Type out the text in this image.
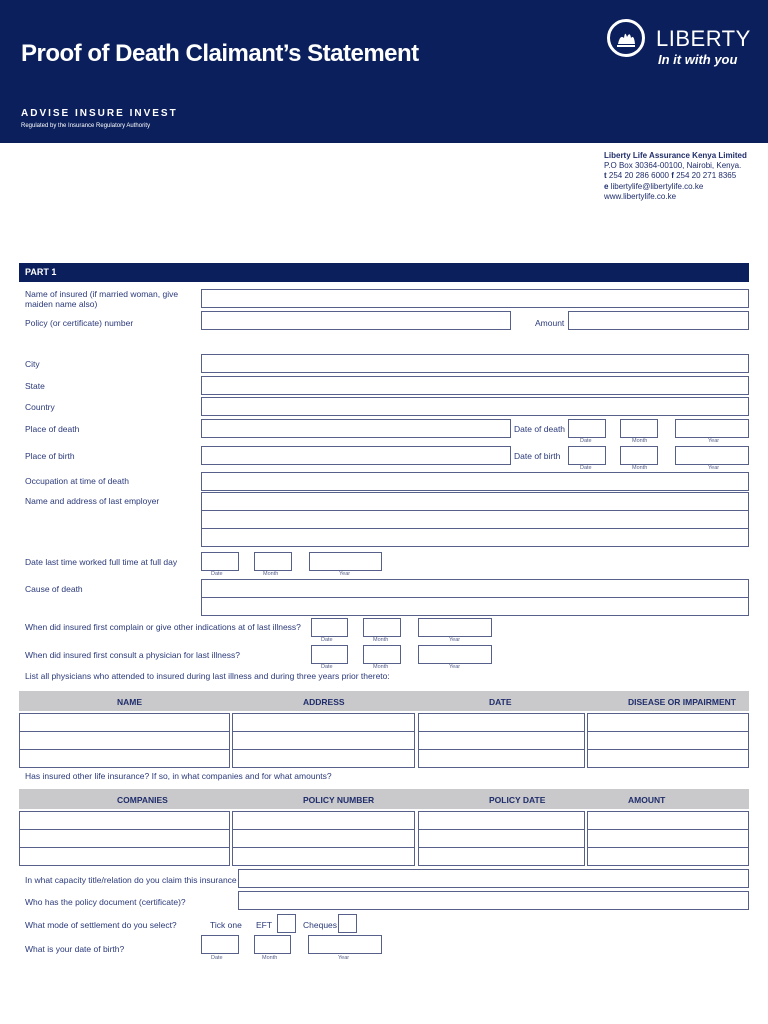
Proof of Death Claimant’s Statement
ADVISE INSURE INVEST
Regulated by the Insurance Regulatory Authority
LIBERTY
In it with you
Liberty Life Assurance Kenya Limited
P.O Box 30364-00100, Nairobi, Kenya.
t 254 20 286 6000 f 254 20 271 8365
e libertylife@libertylife.co.ke
www.libertylife.co.ke
PART 1
Name of insured (if married woman, give
maiden name also)
Policy (or certificate) number	Amount
City
State
Country
Place of death	Date of death
Date	Month	Year
Place of birth	Date of birth
Date	Month	Year
Occupation at time of death
Name and address of last employer
Date last time worked full time at full day
Date	Month	Year
Cause of death
When did insured first complain or give other indications at of last illness?
Date	Month	Year
When did insured first consult a physician for last illness?
Date	Month	Year
List all physicians who attended to insured during last illness and during three years prior thereto:
NAME	ADDRESS	DATE	DISEASE OR IMPAIRMENT
Has insured other life insurance? If so, in what companies and for what amounts?
COMPANIES	POLICY NUMBER	POLICY DATE	AMOUNT
In what capacity title/relation do you claim this insurance
Who has the policy document (certificate)?
What mode of settlement do you select?	Tick one EFT	Cheques
What is your date of birth?
Date	Month	Year
